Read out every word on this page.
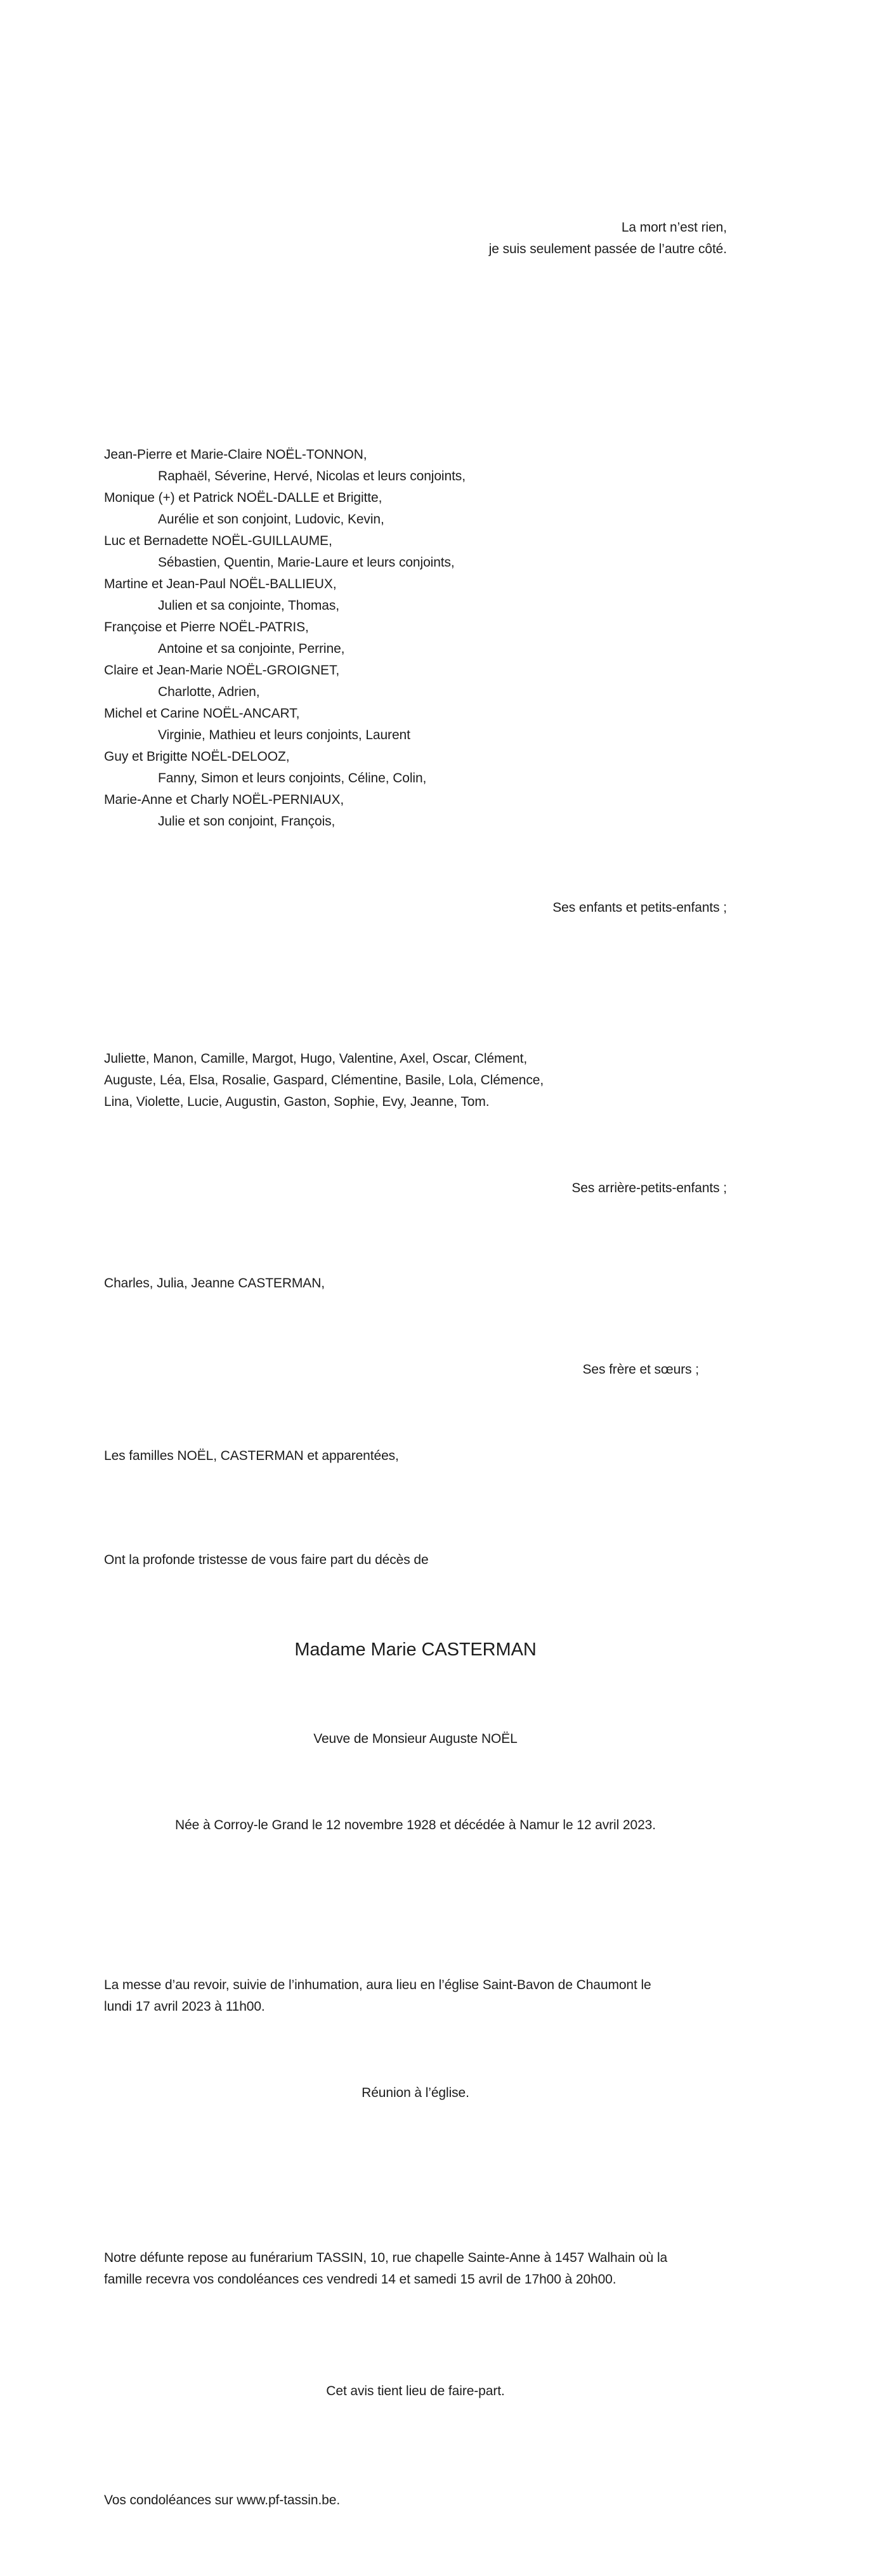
La mort n’est rien,
je suis seulement passée de l’autre côté.

Jean-Pierre et Marie-Claire NOËL-TONNON,
Raphaël, Séverine, Hervé, Nicolas et leurs conjoints,
Monique (+) et Patrick NOËL-DALLE et Brigitte,
Aurélie et son conjoint, Ludovic, Kevin,
Luc et Bernadette NOËL-GUILLAUME,
Sébastien, Quentin, Marie-Laure et leurs conjoints,
Martine et Jean-Paul NOËL-BALLIEUX,
Julien et sa conjointe, Thomas,
Françoise et Pierre NOËL-PATRIS,
Antoine et sa conjointe, Perrine,
Claire et Jean-Marie NOËL-GROIGNET,
Charlotte, Adrien,
Michel et Carine NOËL-ANCART,
Virginie, Mathieu et leurs conjoints, Laurent
Guy et Brigitte NOËL-DELOOZ,
Fanny, Simon et leurs conjoints, Céline, Colin,
Marie-Anne et Charly NOËL-PERNIAUX,
Julie et son conjoint, François,

Ses enfants et petits-enfants ;

Juliette, Manon, Camille, Margot, Hugo, Valentine, Axel, Oscar, Clément,
Auguste, Léa, Elsa, Rosalie, Gaspard, Clémentine, Basile, Lola, Clémence,
Lina, Violette, Lucie, Augustin, Gaston, Sophie, Evy, Jeanne, Tom.

Ses arrière-petits-enfants ;

Charles, Julia, Jeanne CASTERMAN,

Ses frère et sœurs ;

Les familles NOËL, CASTERMAN et apparentées,

Ont la profonde tristesse de vous faire part du décès de

Madame Marie CASTERMAN

Veuve de Monsieur Auguste NOËL

Née à Corroy-le Grand le 12 novembre 1928 et décédée à Namur le 12 avril 2023.

La messe d’au revoir, suivie de l’inhumation, aura lieu en l’église Saint-Bavon de Chaumont le
lundi 17 avril 2023 à 11h00.

Réunion à l’église.

Notre défunte repose au funérarium TASSIN, 10, rue chapelle Sainte-Anne à 1457 Walhain où la
famille recevra vos condoléances ces vendredi 14 et samedi 15 avril de 17h00 à 20h00.

Cet avis tient lieu de faire-part.

Vos condoléances sur www.pf-tassin.be.
